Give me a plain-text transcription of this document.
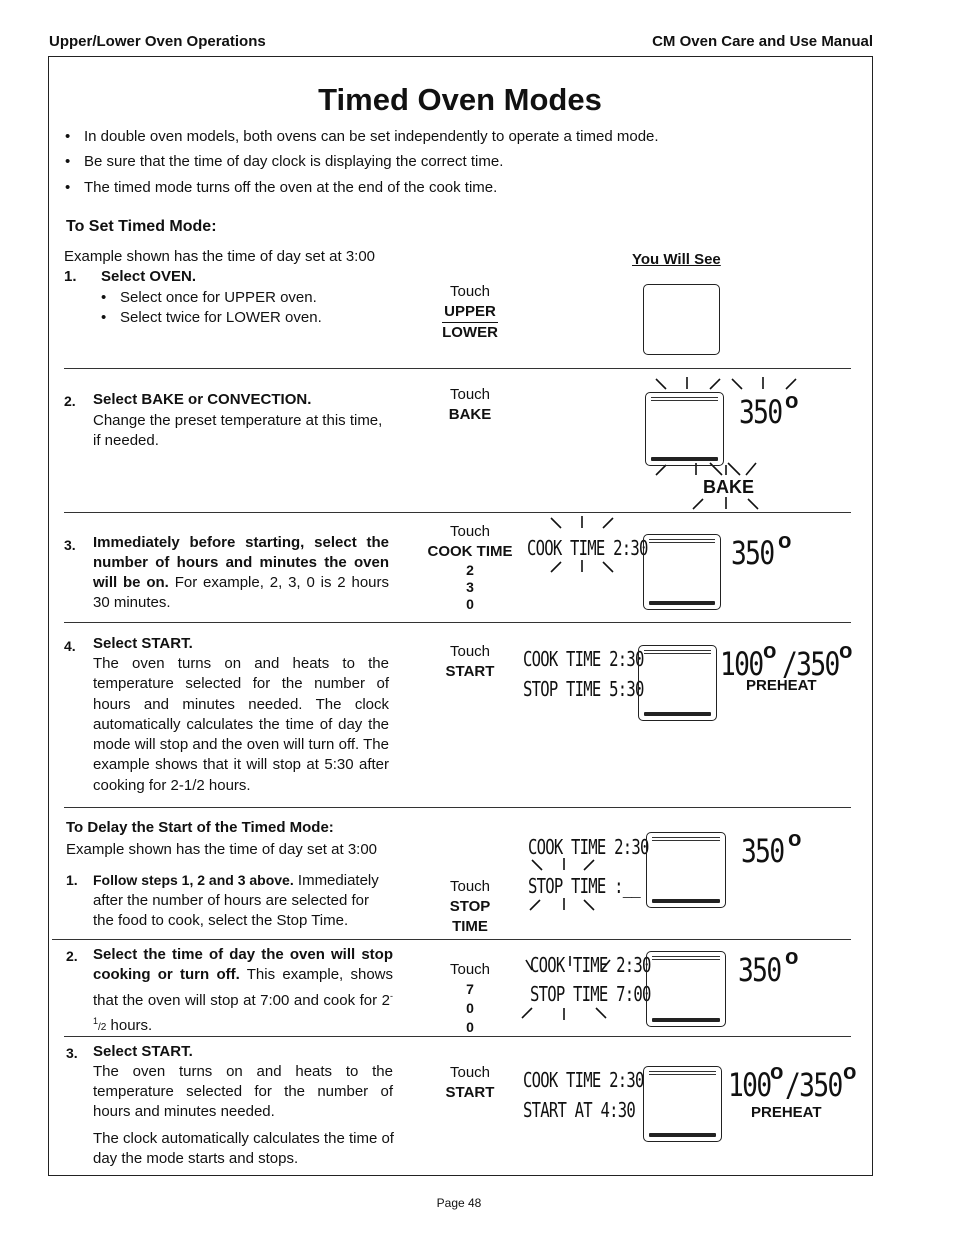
Upper/Lower Oven Operations	CM Oven Care and Use Manual
Timed Oven Modes
• In double oven models, both ovens can be set independently to operate a timed mode.
• Be sure that the time of day clock is displaying the correct time.
• The timed mode turns off the oven at the end of the cook time.
To Set Timed Mode:
Example shown has the time of day set at 3:00	You Will See
1. Select OVEN.
• Select once for UPPER oven.
• Select twice for LOWER oven.
Touch
UPPER
LOWER
2. Select BAKE or CONVECTION.
Change the preset temperature at this time, if needed.
Touch
BAKE	350 o
BAKE
3. Immediately before starting, select the number of hours and minutes the oven will be on. For example, 2, 3, 0 is 2 hours 30 minutes.
Touch
COOK TIME
2
3
0
COOK TIME 2:30	350 o
4. Select START.
The oven turns on and heats to the temperature selected for the number of hours and minutes needed. The clock automatically calculates the time of day the mode will stop and the oven will turn off. The example shows that it will stop at 5:30 after cooking for 2-1/2 hours.
Touch
START
COOK TIME 2:30
STOP TIME 5:30
100 o /350 o
PREHEAT
To Delay the Start of the Timed Mode:
Example shown has the time of day set at 3:00
1. Follow steps 1, 2 and 3 above. Immediately after the number of hours are selected for the food to cook, select the Stop Time.
Touch
STOP
TIME
COOK TIME 2:30
STOP TIME :__
350 o
2. Select the time of day the oven will stop cooking or turn off. This example, shows that the oven will stop at 7:00 and cook for $2^{-1}/2$ hours.
Touch
7
0
0
COOK TIME 2:30
STOP TIME 7:00
350 o
3. Select START.
The oven turns on and heats to the temperature selected for the number of hours and minutes needed.
The clock automatically calculates the time of day the mode starts and stops.
Touch
START
COOK TIME 2:30
START AT 4:30
100 o /350 o
PREHEAT
Page 48
